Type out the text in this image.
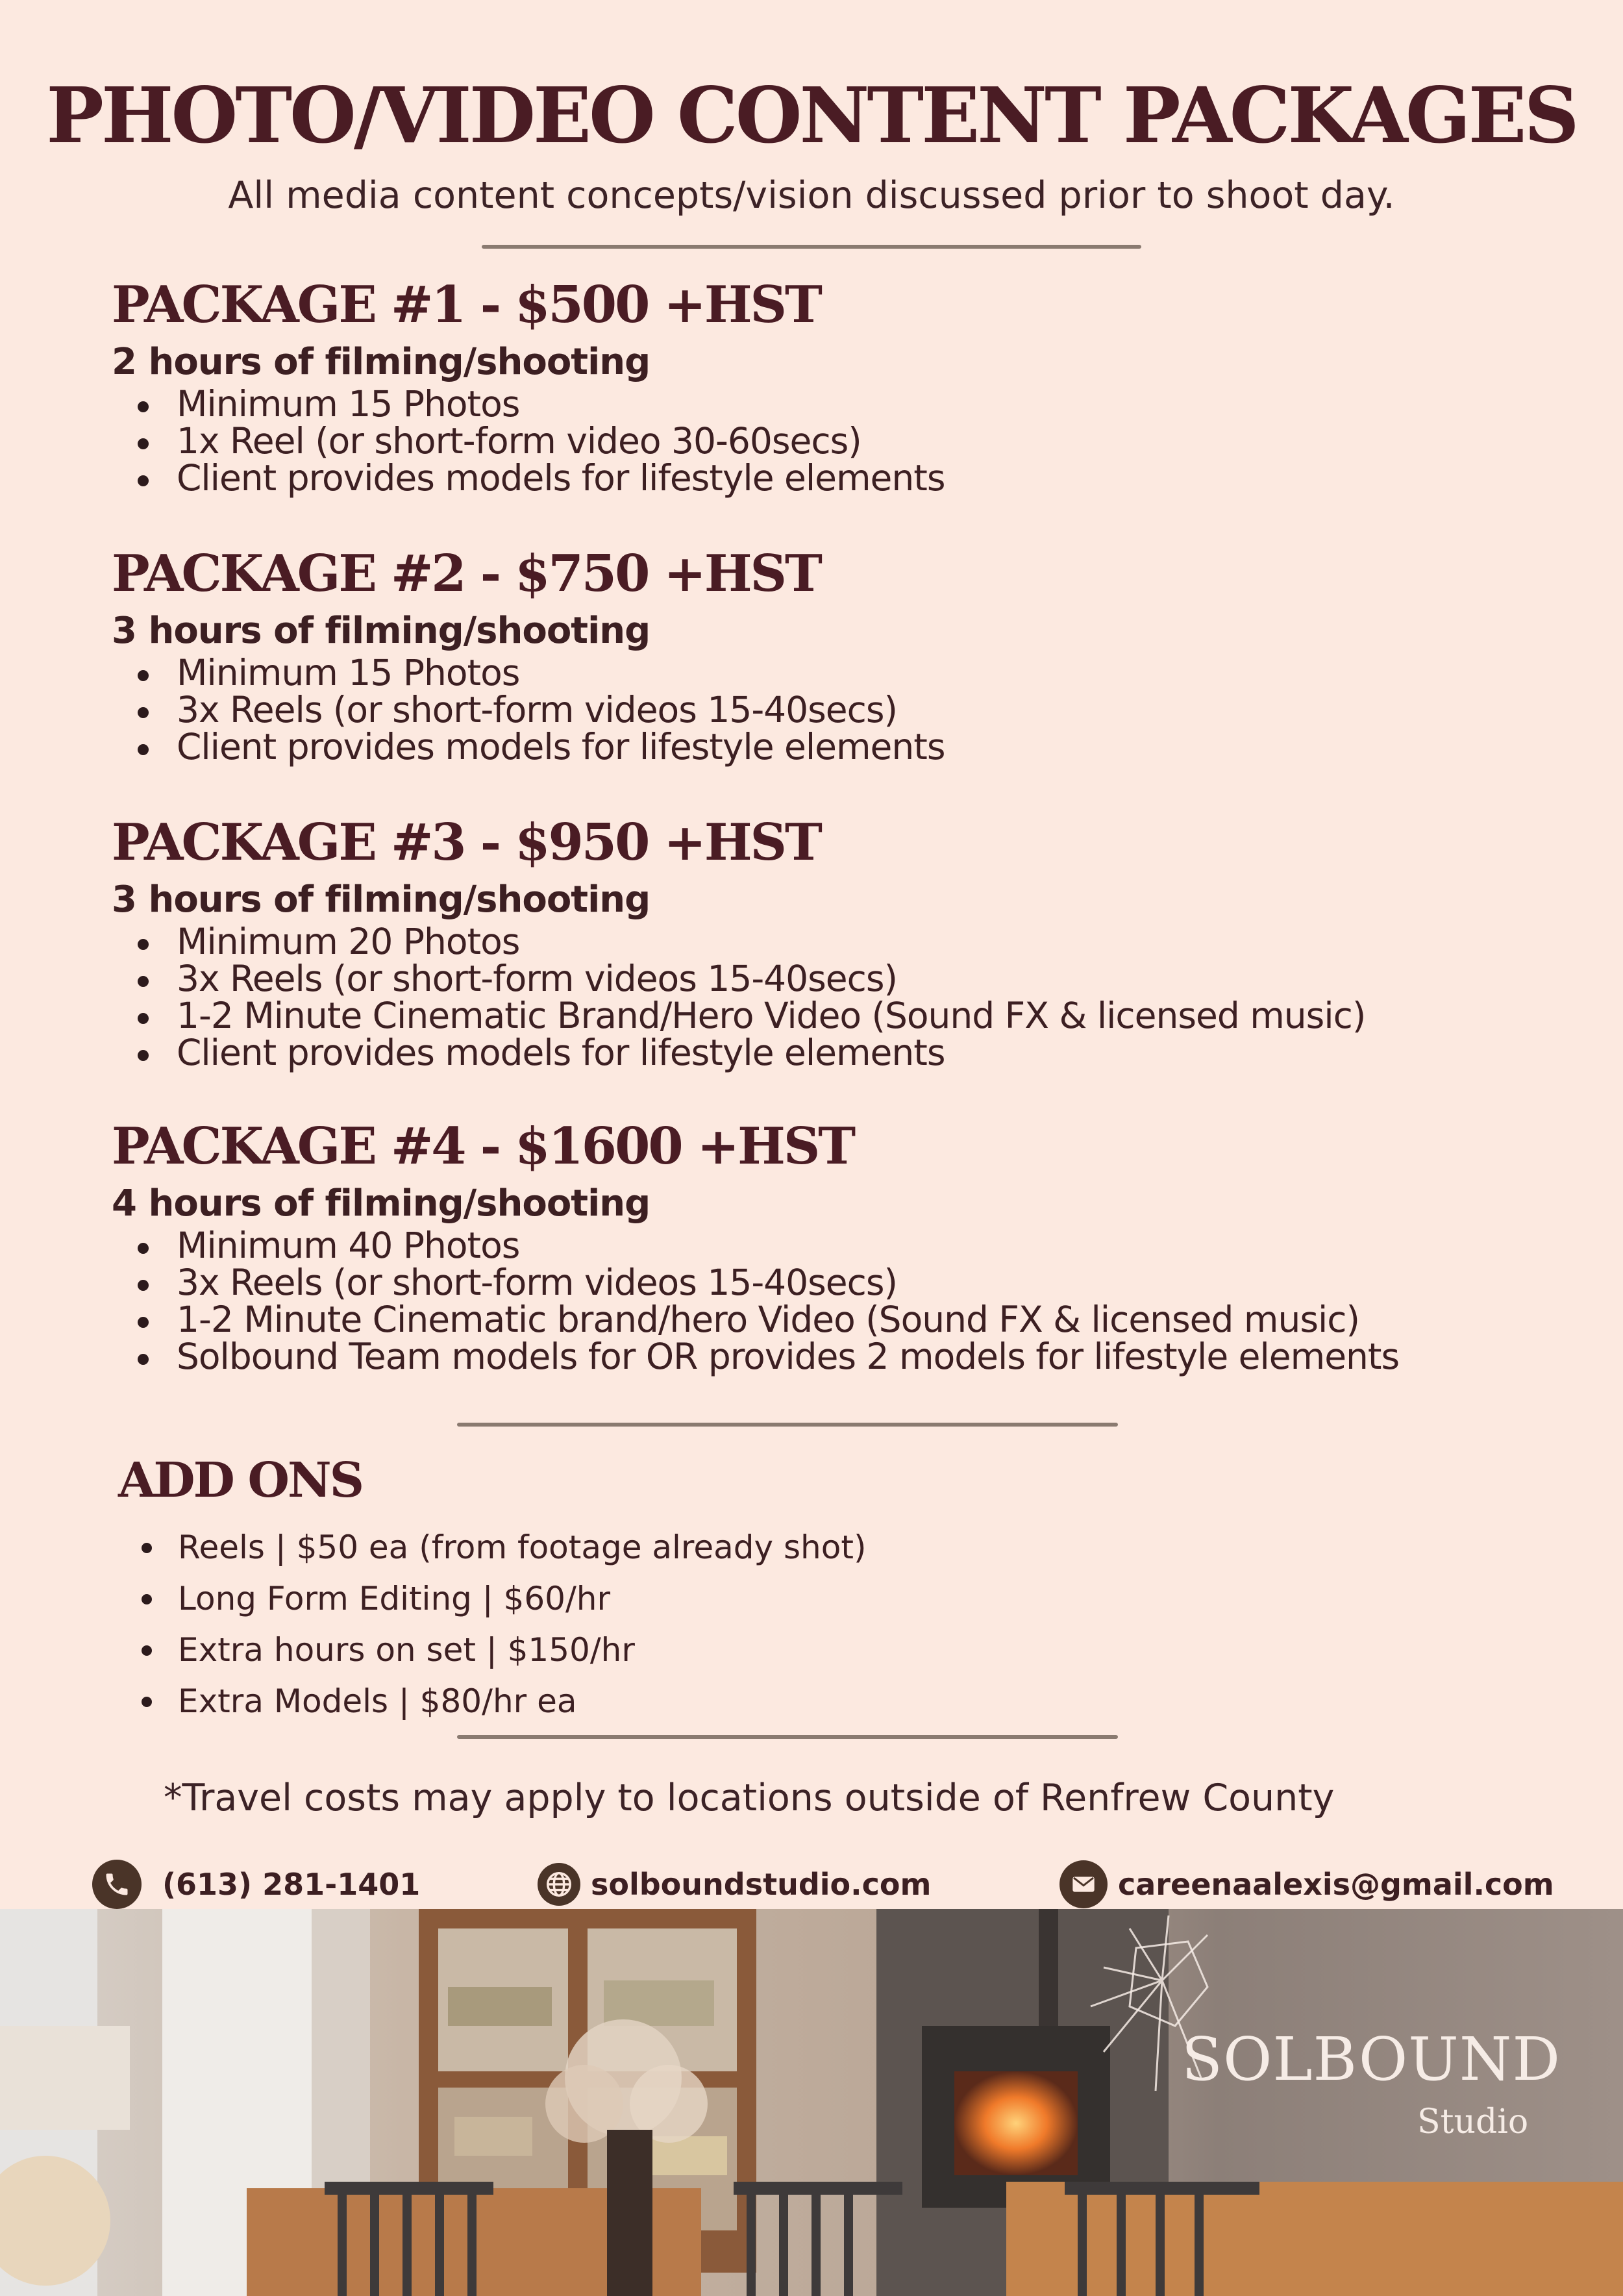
PHOTO/VIDEO CONTENT PACKAGES
All media content concepts/vision discussed prior to shoot day.
PACKAGE #1 - $500 +HST
2 hours of filming/shooting
Minimum 15 Photos
1x Reel (or short-form video 30-60secs)
Client provides models for lifestyle elements
PACKAGE #2 - $750 +HST
3 hours of filming/shooting
Minimum 15 Photos
3x Reels (or short-form videos 15-40secs)
Client provides models for lifestyle elements
PACKAGE #3 - $950 +HST
3 hours of filming/shooting
Minimum 20 Photos
3x Reels (or short-form videos 15-40secs)
1-2 Minute Cinematic Brand/Hero Video (Sound FX & licensed music)
Client provides models for lifestyle elements
PACKAGE #4 - $1600 +HST
4 hours of filming/shooting
Minimum 40 Photos
3x Reels (or short-form videos 15-40secs)
1-2 Minute Cinematic brand/hero Video (Sound FX & licensed music)
Solbound Team models for OR provides 2 models for lifestyle elements
ADD ONS
Reels | $50 ea (from footage already shot)
Long Form Editing | $60/hr
Extra hours on set | $150/hr
Extra Models | $80/hr ea
*Travel costs may apply to locations outside of Renfrew County
(613) 281-1401	solboundstudio.com	careenaalexis@gmail.com
SOLBOUND
Studio
